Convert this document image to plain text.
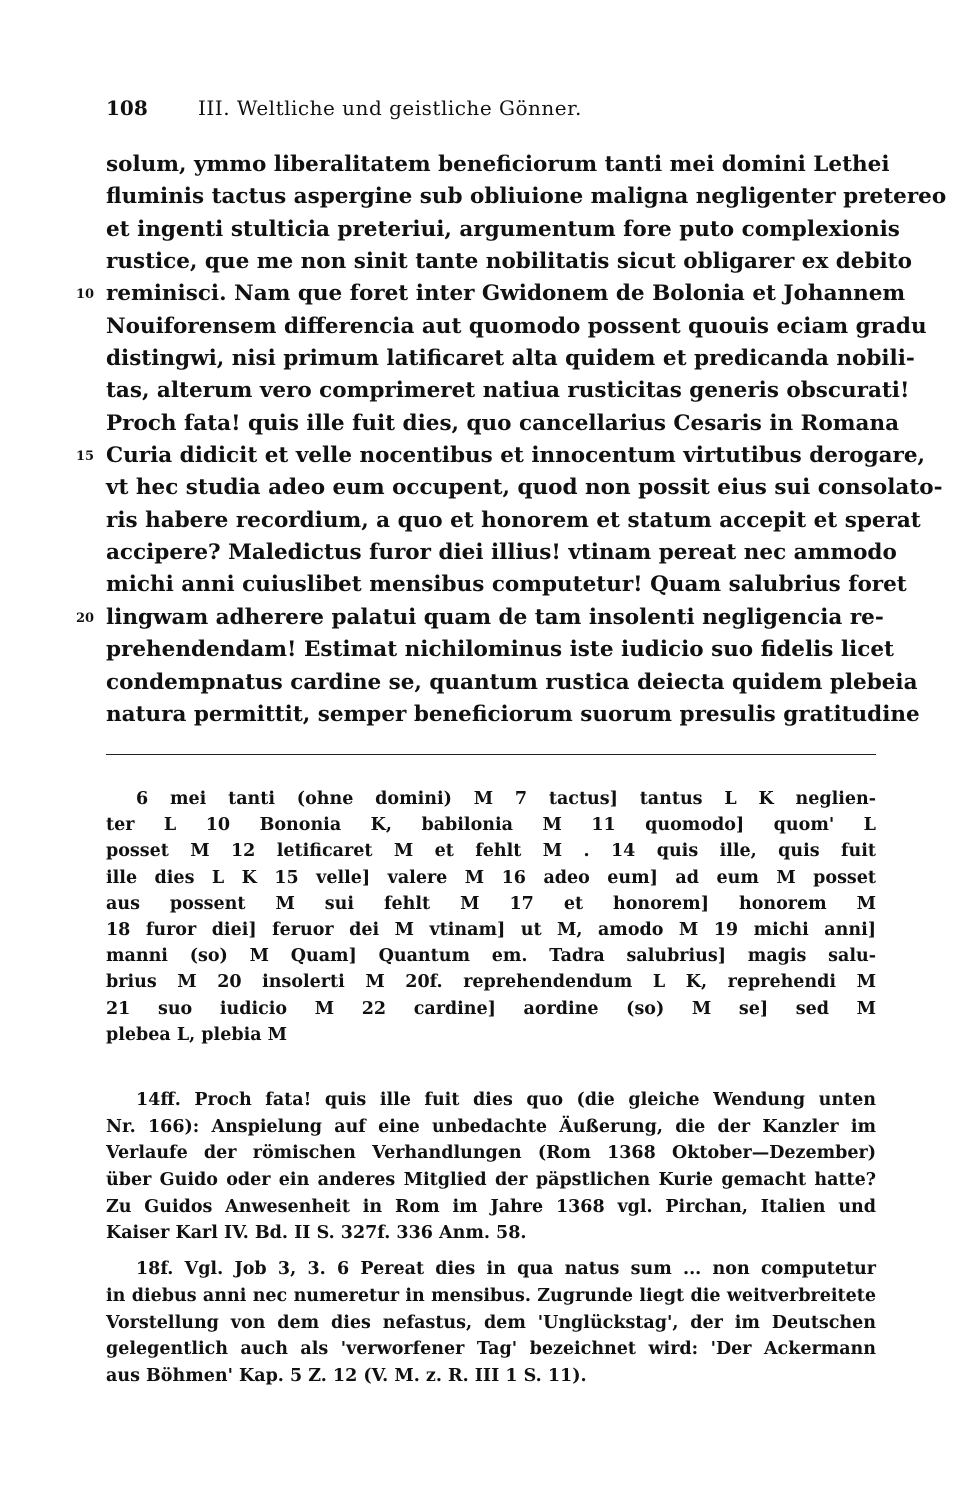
108	III. Weltliche und geistliche Gönner.
solum, ymmo liberalitatem beneficiorum tanti mei domini Lethei
fluminis tactus aspergine sub obliuione maligna negligenter pretereo
et ingenti stulticia preteriui, argumentum fore puto complexionis
rustice, que me non sinit tante nobilitatis sicut obligarer ex debito
10 reminisci. Nam que foret inter Gwidonem de Bolonia et Johannem
Nouiforensem differencia aut quomodo possent quouis eciam gradu
distingwi, nisi primum latificaret alta quidem et predicanda nobili-
tas, alterum vero comprimeret natiua rusticitas generis obscurati!
Proch fata! quis ille fuit dies, quo cancellarius Cesaris in Romana
15 Curia didicit et velle nocentibus et innocentum virtutibus derogare,
vt hec studia adeo eum occupent, quod non possit eius sui consolato-
ris habere recordium, a quo et honorem et statum accepit et sperat
accipere? Maledictus furor diei illius! vtinam pereat nec ammodo
michi anni cuiuslibet mensibus computetur! Quam salubrius foret
20 lingwam adherere palatui quam de tam insolenti negligencia re-
prehendendam! Estimat nichilominus iste iudicio suo fidelis licet
condempnatus cardine se, quantum rustica deiecta quidem plebeia
natura permittit, semper beneficiorum suorum presulis gratitudine
6 mei tanti (ohne domini) M 7 tactus] tantus L K neglien-
ter L 10 Bononia K, babilonia M 11 quomodo] quom' L
posset M 12 letificaret M et fehlt M . 14 quis ille, quis fuit
ille dies L K 15 velle] valere M 16 adeo eum] ad eum M posset
aus possent M sui fehlt M 17 et honorem] honorem M
18 furor diei] feruor dei M vtinam] ut M, amodo M 19 michi anni]
manni (so) M Quam] Quantum em. Tadra salubrius] magis salu-
brius M 20 insolerti M 20f. reprehendendum L K, reprehendi M
21 suo iudicio M 22 cardine] aordine (so) M se] sed M
plebea L, plebia M
14ff. Proch fata! quis ille fuit dies quo (die gleiche Wendung unten
Nr. 166): Anspielung auf eine unbedachte Äußerung, die der Kanzler im
Verlaufe der römischen Verhandlungen (Rom 1368 Oktober—Dezember)
über Guido oder ein anderes Mitglied der päpstlichen Kurie gemacht hatte?
Zu Guidos Anwesenheit in Rom im Jahre 1368 vgl. Pirchan, Italien und
Kaiser Karl IV. Bd. II S. 327f. 336 Anm. 58.
18f. Vgl. Job 3, 3. 6 Pereat dies in qua natus sum ... non computetur
in diebus anni nec numeretur in mensibus. Zugrunde liegt die weitverbreitete
Vorstellung von dem dies nefastus, dem 'Unglückstag', der im Deutschen
gelegentlich auch als 'verworfener Tag' bezeichnet wird: 'Der Ackermann
aus Böhmen' Kap. 5 Z. 12 (V. M. z. R. III 1 S. 11).
